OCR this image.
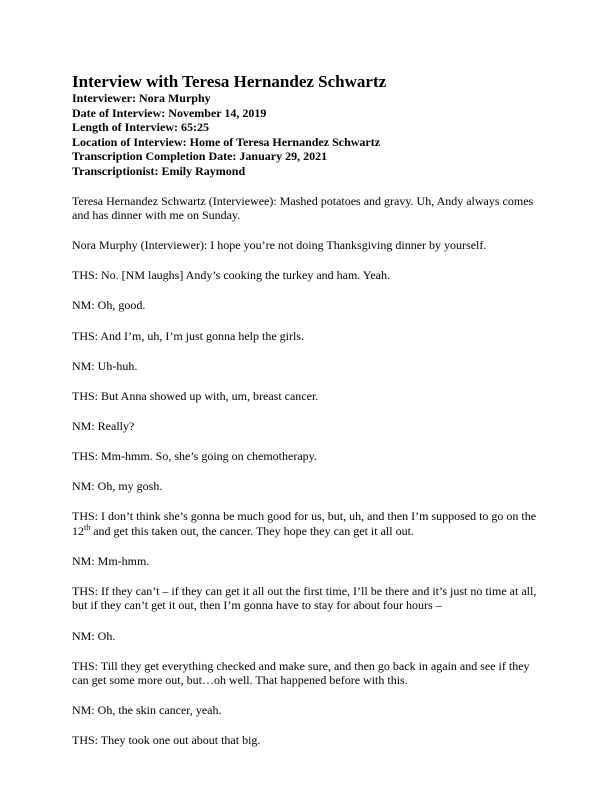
Interview with Teresa Hernandez Schwartz

Interviewer: Nora Murphy

Date of Interview: November 14, 2019

Length of Interview: 65:25

Location of Interview: Home of Teresa Hernandez Schwartz

Transcription Completion Date: January 29, 2021

Transcriptionist: Emily Raymond

Teresa Hernandez Schwartz (Interviewee): Mashed potatoes and gravy. Uh, Andy always comes and has dinner with me on Sunday.

Nora Murphy (Interviewer): I hope you’re not doing Thanksgiving dinner by yourself.

THS: No. [NM laughs] Andy’s cooking the turkey and ham. Yeah.

NM: Oh, good.

THS: And I’m, uh, I’m just gonna help the girls.

NM: Uh-huh.

THS: But Anna showed up with, um, breast cancer.

NM: Really?

THS: Mm-hmm. So, she’s going on chemotherapy.

NM: Oh, my gosh.

THS: I don’t think she’s gonna be much good for us, but, uh, and then I’m supposed to go on the 12th and get this taken out, the cancer. They hope they can get it all out.

NM: Mm-hmm.

THS: If they can’t – if they can get it all out the first time, I’ll be there and it’s just no time at all, but if they can’t get it out, then I’m gonna have to stay for about four hours –

NM: Oh.

THS: Till they get everything checked and make sure, and then go back in again and see if they can get some more out, but…oh well. That happened before with this.

NM: Oh, the skin cancer, yeah.

THS: They took one out about that big.
